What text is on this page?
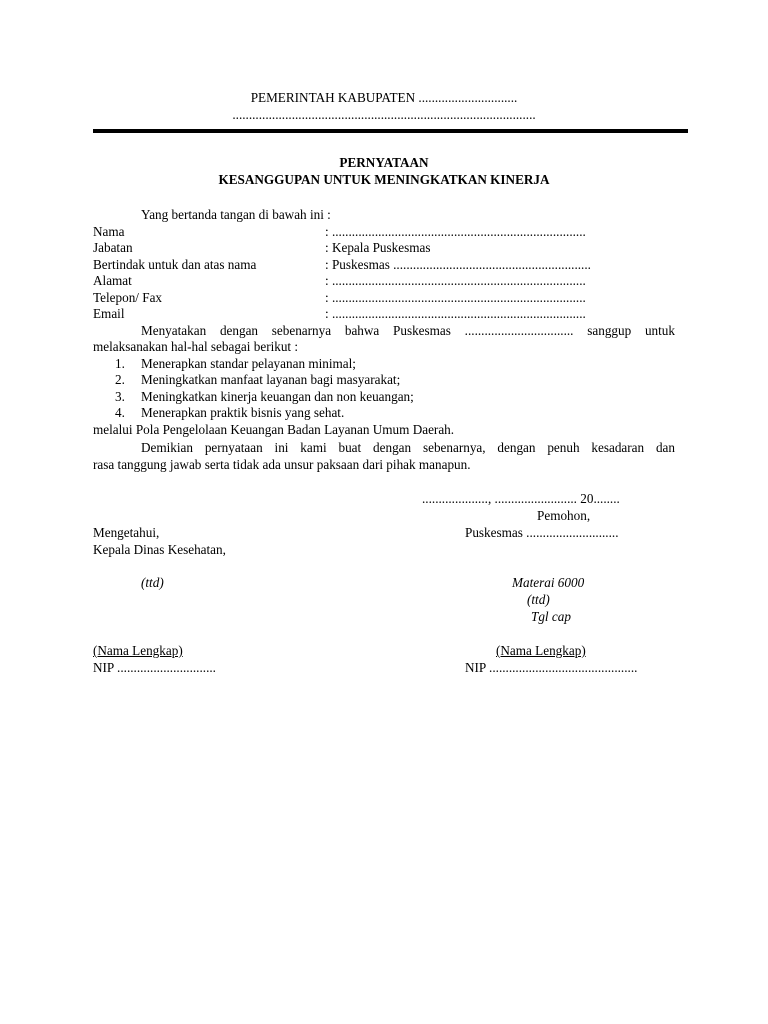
PEMERINTAH KABUPATEN ..............................
............................................................................................
PERNYATAAN
KESANGGUPAN UNTUK MENINGKATKAN KINERJA
Yang bertanda tangan di bawah ini :
Nama	: .............................................................................
Jabatan	: Kepala Puskesmas
Bertindak untuk dan atas nama	: Puskesmas ............................................................
Alamat	: .............................................................................
Telepon/ Fax	: .............................................................................
Email	: .............................................................................
Menyatakan dengan sebenarnya bahwa Puskesmas ................................. sanggup untuk
melaksanakan hal-hal sebagai berikut :
1. Menerapkan standar pelayanan minimal;
2. Meningkatkan manfaat layanan bagi masyarakat;
3. Meningkatkan kinerja keuangan dan non keuangan;
4. Menerapkan praktik bisnis yang sehat.
melalui Pola Pengelolaan Keuangan Badan Layanan Umum Daerah.
Demikian pernyataan ini kami buat dengan sebenarnya, dengan penuh kesadaran dan
rasa tanggung jawab serta tidak ada unsur paksaan dari pihak manapun.
...................., ......................... 20........
Pemohon,
Puskesmas ............................
Mengetahui,
Kepala Dinas Kesehatan,
(ttd)	Materai 6000
(ttd)
Tgl cap
(Nama Lengkap)	(Nama Lengkap)
NIP ..............................	NIP .............................................
